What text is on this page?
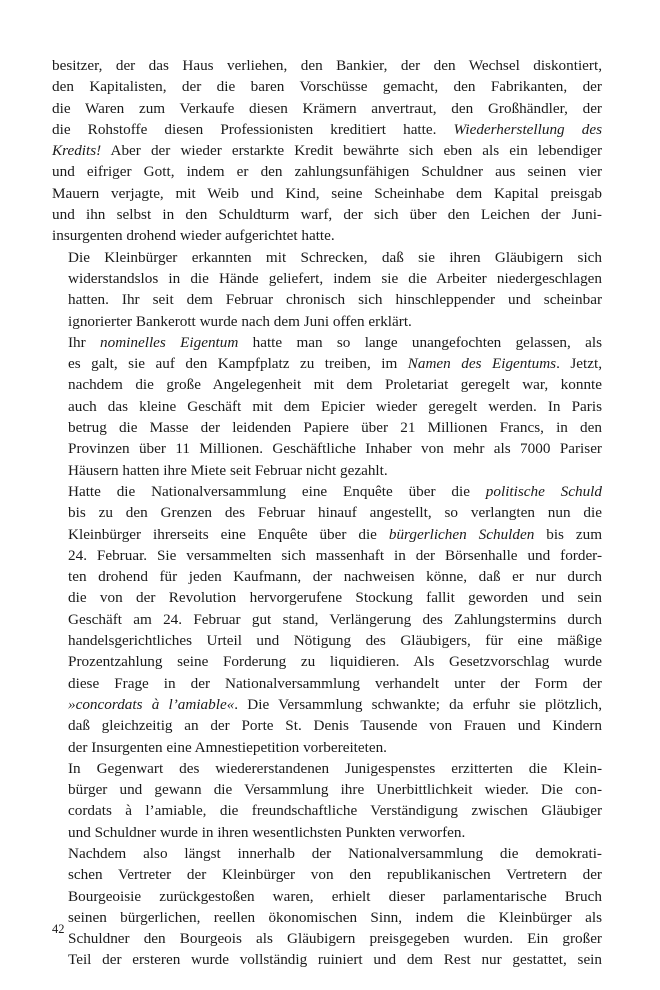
besitzer, der das Haus verliehen, den Bankier, der den Wechsel diskontiert,
den Kapitalisten, der die baren Vorschüsse gemacht, den Fabrikanten, der
die Waren zum Verkaufe diesen Krämern anvertraut, den Großhändler, der
die Rohstoffe diesen Professionisten kreditiert hatte. Wiederherstellung des
Kredits! Aber der wieder erstarkte Kredit bewährte sich eben als ein lebendiger
und eifriger Gott, indem er den zahlungsunfähigen Schuldner aus seinen vier
Mauern verjagte, mit Weib und Kind, seine Scheinhabe dem Kapital preisgab
und ihn selbst in den Schuldturm warf, der sich über den Leichen der Juni-
insurgenten drohend wieder aufgerichtet hatte.

Die Kleinbürger erkannten mit Schrecken, daß sie ihren Gläubigern sich
widerstandslos in die Hände geliefert, indem sie die Arbeiter niedergeschlagen
hatten. Ihr seit dem Februar chronisch sich hinschleppender und scheinbar
ignorierter Bankerott wurde nach dem Juni offen erklärt.

Ihr nominelles Eigentum hatte man so lange unangefochten gelassen, als
es galt, sie auf den Kampfplatz zu treiben, im Namen des Eigentums. Jetzt,
nachdem die große Angelegenheit mit dem Proletariat geregelt war, konnte
auch das kleine Geschäft mit dem Epicier wieder geregelt werden. In Paris
betrug die Masse der leidenden Papiere über 21 Millionen Francs, in den
Provinzen über 11 Millionen. Geschäftliche Inhaber von mehr als 7000 Pariser
Häusern hatten ihre Miete seit Februar nicht gezahlt.

Hatte die Nationalversammlung eine Enquête über die politische Schuld
bis zu den Grenzen des Februar hinauf angestellt, so verlangten nun die
Kleinbürger ihrerseits eine Enquête über die bürgerlichen Schulden bis zum
24. Februar. Sie versammelten sich massenhaft in der Börsenhalle und forder-
ten drohend für jeden Kaufmann, der nachweisen könne, daß er nur durch
die von der Revolution hervorgerufene Stockung fallit geworden und sein
Geschäft am 24. Februar gut stand, Verlängerung des Zahlungstermins durch
handelsgerichtliches Urteil und Nötigung des Gläubigers, für eine mäßige
Prozentzahlung seine Forderung zu liquidieren. Als Gesetzvorschlag wurde
diese Frage in der Nationalversammlung verhandelt unter der Form der
»concordats à l’amiable«. Die Versammlung schwankte; da erfuhr sie plötzlich,
daß gleichzeitig an der Porte St. Denis Tausende von Frauen und Kindern
der Insurgenten eine Amnestiepetition vorbereiteten.

In Gegenwart des wiedererstandenen Junigespenstes erzitterten die Klein-
bürger und gewann die Versammlung ihre Unerbittlichkeit wieder. Die con-
cordats à l’amiable, die freundschaftliche Verständigung zwischen Gläubiger
und Schuldner wurde in ihren wesentlichsten Punkten verworfen.

Nachdem also längst innerhalb der Nationalversammlung die demokrati-
schen Vertreter der Kleinbürger von den republikanischen Vertretern der
Bourgeoisie zurückgestoßen waren, erhielt dieser parlamentarische Bruch
seinen bürgerlichen, reellen ökonomischen Sinn, indem die Kleinbürger als
Schuldner den Bourgeois als Gläubigern preisgegeben wurden. Ein großer
Teil der ersteren wurde vollständig ruiniert und dem Rest nur gestattet, sein

42
